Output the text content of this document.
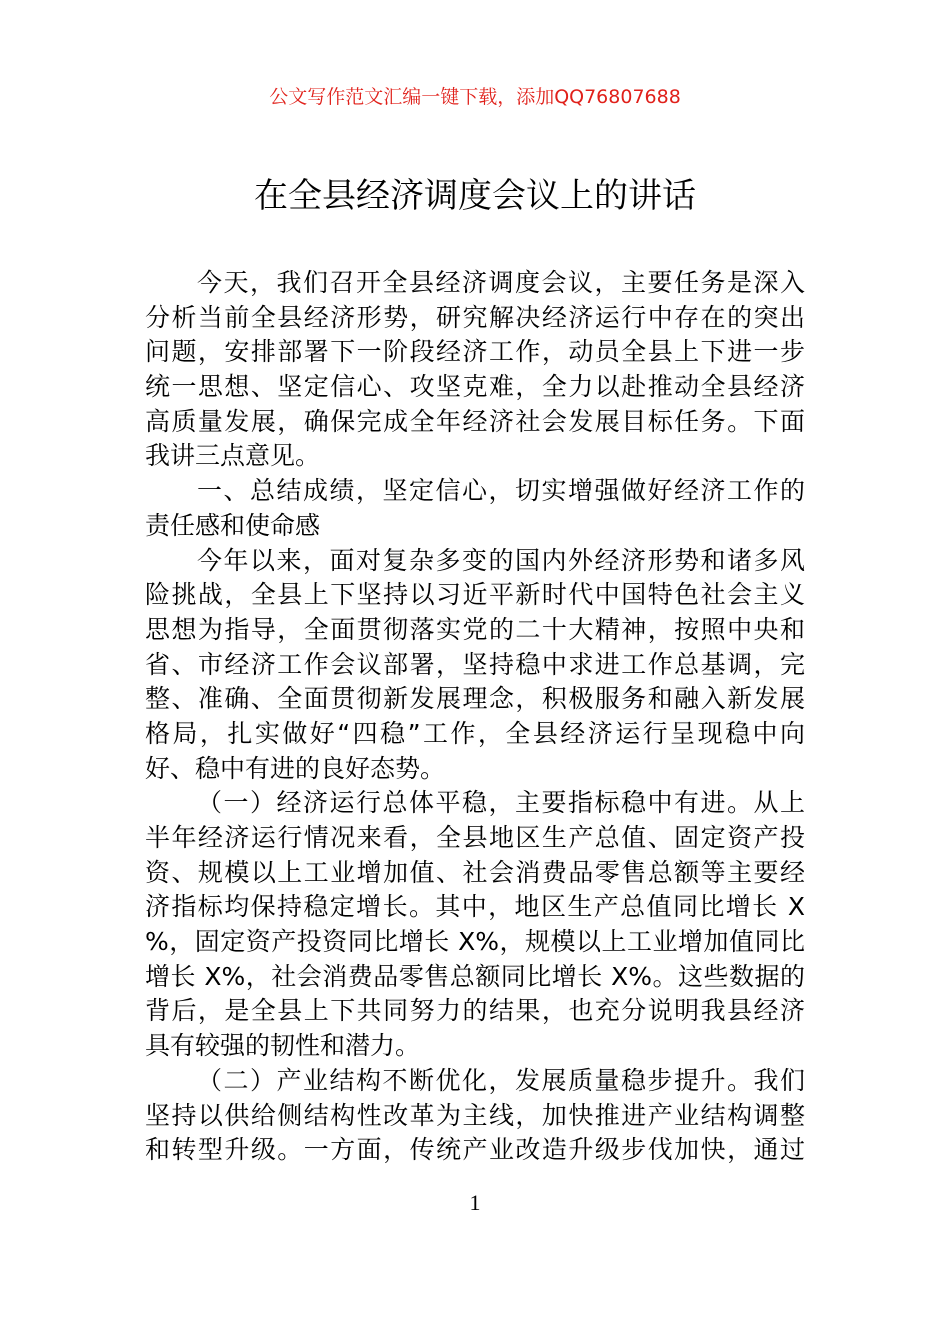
公文写作范文汇编一键下载，添加QQ76807688
在全县经济调度会议上的讲话
今天，我们召开全县经济调度会议，主要任务是深入
分析当前全县经济形势，研究解决经济运行中存在的突出
问题，安排部署下一阶段经济工作，动员全县上下进一步
统一思想、坚定信心、攻坚克难，全力以赴推动全县经济
高质量发展，确保完成全年经济社会发展目标任务。下面
我讲三点意见。
一、总结成绩，坚定信心，切实增强做好经济工作的
责任感和使命感
今年以来，面对复杂多变的国内外经济形势和诸多风
险挑战，全县上下坚持以习近平新时代中国特色社会主义
思想为指导，全面贯彻落实党的二十大精神，按照中央和
省、市经济工作会议部署，坚持稳中求进工作总基调，完
整、准确、全面贯彻新发展理念，积极服务和融入新发展
格局，扎实做好“四稳”工作，全县经济运行呈现稳中向
好、稳中有进的良好态势。
（一）经济运行总体平稳，主要指标稳中有进。从上
半年经济运行情况来看，全县地区生产总值、固定资产投
资、规模以上工业增加值、社会消费品零售总额等主要经
济指标均保持稳定增长。其中，地区生产总值同比增长 X
%，固定资产投资同比增长 X%，规模以上工业增加值同比
增长 X%，社会消费品零售总额同比增长 X%。这些数据的
背后，是全县上下共同努力的结果，也充分说明我县经济
具有较强的韧性和潜力。
（二）产业结构不断优化，发展质量稳步提升。我们
坚持以供给侧结构性改革为主线，加快推进产业结构调整
和转型升级。一方面，传统产业改造升级步伐加快，通过
1
